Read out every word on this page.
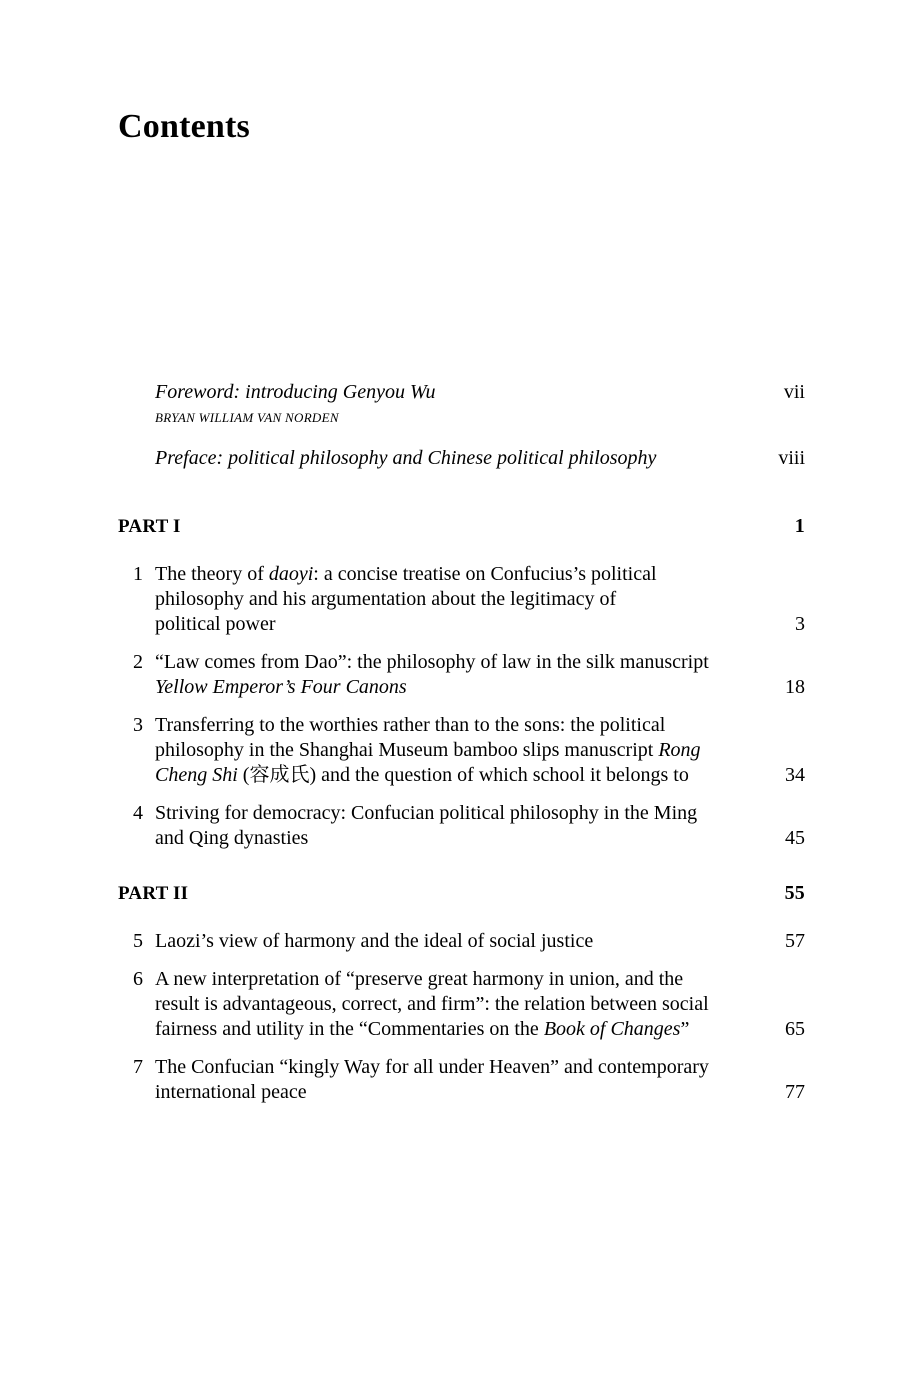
Contents
Foreword: introducing Genyou Wu	vii
BRYAN WILLIAM VAN NORDEN
Preface: political philosophy and Chinese political philosophy	viii
PART I	1
1 The theory of daoyi: a concise treatise on Confucius’s political
philosophy and his argumentation about the legitimacy of
political power	3
2 “Law comes from Dao”: the philosophy of law in the silk manuscript
Yellow Emperor’s Four Canons	18
3 Transferring to the worthies rather than to the sons: the political
philosophy in the Shanghai Museum bamboo slips manuscript Rong
Cheng Shi (容成氏) and the question of which school it belongs to	34
4 Striving for democracy: Confucian political philosophy in the Ming
and Qing dynasties	45
PART II	55
5 Laozi’s view of harmony and the ideal of social justice	57
6 A new interpretation of “preserve great harmony in union, and the
result is advantageous, correct, and firm”: the relation between social
fairness and utility in the “Commentaries on the Book of Changes”	65
7 The Confucian “kingly Way for all under Heaven” and contemporary
international peace	77
